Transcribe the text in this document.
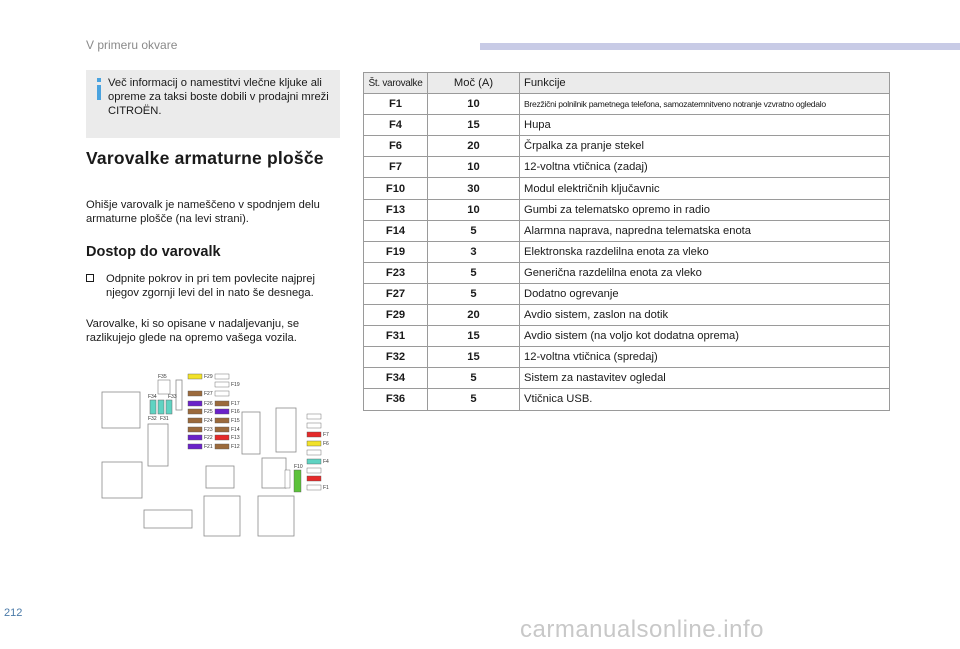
V primeru okvare
Več informacij o namestitvi vlečne kljuke ali opreme za taksi boste dobili v prodajni mreži CITROËN.
Varovalke armaturne plošče
Ohišje varovalk je nameščeno v spodnjem delu armaturne plošče (na levi strani).
Dostop do varovalk
Odpnite pokrov in pri tem povlecite najprej njegov zgornji levi del in nato še desnega.
Varovalke, ki so opisane v nadaljevanju, se razlikujejo glede na opremo vašega vozila.
F35	F29
F19
F27
F34 F33
F26	F17
F25	F16
F24	F15
F32 F31
F23	F14
F22	F13
F21	F12
F7
F6
F10
F4
F1
Št. varovalke	Moč (A)	Funkcije
F1	10	Brezžični polnilnik pametnega telefona, samozatemnitveno notranje vzvratno ogledalo
F4	15	Hupa
F6	20	Črpalka za pranje stekel
F7	10	12-voltna vtičnica (zadaj)
F10	30	Modul električnih ključavnic
F13	10	Gumbi za telematsko opremo in radio
F14	5	Alarmna naprava, napredna telematska enota
F19	3	Elektronska razdelilna enota za vleko
F23	5	Generična razdelilna enota za vleko
F27	5	Dodatno ogrevanje
F29	20	Avdio sistem, zaslon na dotik
F31	15	Avdio sistem (na voljo kot dodatna oprema)
F32	15	12-voltna vtičnica (spredaj)
F34	5	Sistem za nastavitev ogledal
F36	5	Vtičnica USB.
212
carmanualsonline.info
